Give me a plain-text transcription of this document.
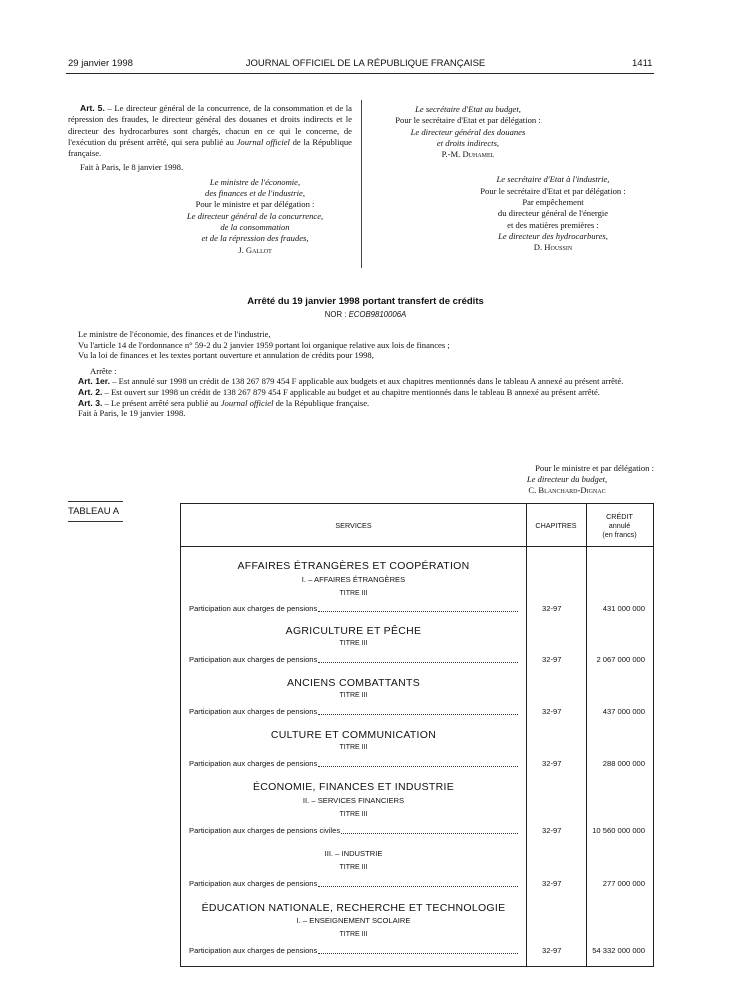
29 janvier 1998	JOURNAL OFFICIEL DE LA RÉPUBLIQUE FRANÇAISE	1411

Art. 5. – Le directeur général de la concurrence, de la consommation et de la répression des fraudes, le directeur général des douanes et droits indirects et le directeur des hydrocarbures sont chargés, chacun en ce qui le concerne, de l'exécution du présent arrêté, qui sera publié au Journal officiel de la République française.

Fait à Paris, le 8 janvier 1998.

Le ministre de l'économie,
des finances et de l'industrie,
Pour le ministre et par délégation :
Le directeur général de la concurrence,
de la consommation
et de la répression des fraudes,
J. Gallot
Le secrétaire d'Etat au budget,
Pour le secrétaire d'Etat et par délégation :
Le directeur général des douanes
et droits indirects,
P.-M. Duhamel
Le secrétaire d'Etat à l'industrie,
Pour le secrétaire d'Etat et par délégation :
Par empêchement
du directeur général de l'énergie
et des matières premières :
Le directeur des hydrocarbures,
D. Houssin
Arrêté du 19 janvier 1998 portant transfert de crédits
NOR : ECOB9810006A

Le ministre de l'économie, des finances et de l'industrie,

Vu l'article 14 de l'ordonnance n° 59-2 du 2 janvier 1959 portant loi organique relative aux lois de finances ;

Vu la loi de finances et les textes portant ouverture et annulation de crédits pour 1998,

Arrête :

Art. 1er. – Est annulé sur 1998 un crédit de 138 267 879 454 F applicable aux budgets et aux chapitres mentionnés dans le tableau A annexé au présent arrêté.

Art. 2. – Est ouvert sur 1998 un crédit de 138 267 879 454 F applicable au budget et au chapitre mentionnés dans le tableau B annexé au présent arrêté.

Art. 3. – Le présent arrêté sera publié au Journal officiel de la République française.

Fait à Paris, le 19 janvier 1998.

Pour le ministre et par délégation :
Le directeur du budget,
C. Blanchard-Dignac
TABLEAU A
SERVICES	CHAPITRES
CRÉDIT
annulé
(en francs)
AFFAIRES ÉTRANGÈRES ET COOPÉRATION
I. – AFFAIRES ÉTRANGÈRES
TITRE III
Participation aux charges de pensions	32-97	431 000 000
AGRICULTURE ET PÊCHE
TITRE III
Participation aux charges de pensions	32-97	2 067 000 000
ANCIENS COMBATTANTS
TITRE III
Participation aux charges de pensions	32-97	437 000 000
CULTURE ET COMMUNICATION
TITRE III
Participation aux charges de pensions	32-97	288 000 000
ÉCONOMIE, FINANCES ET INDUSTRIE
II. – SERVICES FINANCIERS
TITRE III
Participation aux charges de pensions civiles	32-97	10 560 000 000
III. – INDUSTRIE
TITRE III
Participation aux charges de pensions	32-97	277 000 000
ÉDUCATION NATIONALE, RECHERCHE ET TECHNOLOGIE
I. – ENSEIGNEMENT SCOLAIRE
TITRE III
Participation aux charges de pensions	32-97	54 332 000 000
